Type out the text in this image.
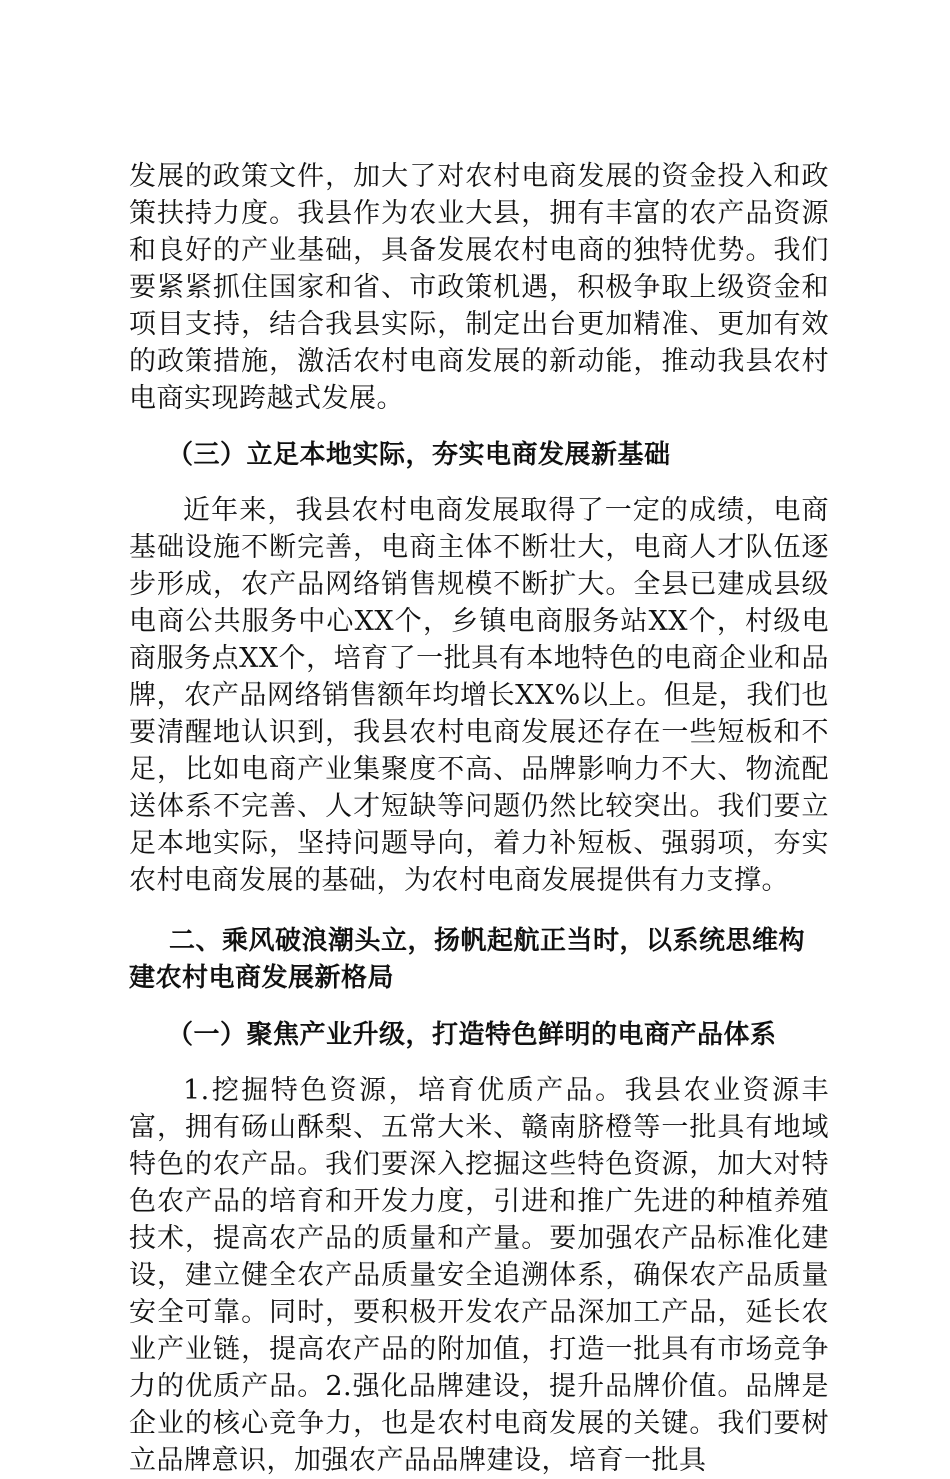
发展的政策文件，加大了对农村电商发展的资金投入和政策扶持力度。我县作为农业大县，拥有丰富的农产品资源和良好的产业基础，具备发展农村电商的独特优势。我们要紧紧抓住国家和省、市政策机遇，积极争取上级资金和项目支持，结合我县实际，制定出台更加精准、更加有效的政策措施，激活农村电商发展的新动能，推动我县农村电商实现跨越式发展。

（三）立足本地实际，夯实电商发展新基础

近年来，我县农村电商发展取得了一定的成绩，电商基础设施不断完善，电商主体不断壮大，电商人才队伍逐步形成，农产品网络销售规模不断扩大。全县已建成县级电商公共服务中心XX个，乡镇电商服务站XX个，村级电商服务点XX个，培育了一批具有本地特色的电商企业和品牌，农产品网络销售额年均增长XX%以上。但是，我们也要清醒地认识到，我县农村电商发展还存在一些短板和不足，比如电商产业集聚度不高、品牌影响力不大、物流配送体系不完善、人才短缺等问题仍然比较突出。我们要立足本地实际，坚持问题导向，着力补短板、强弱项，夯实农村电商发展的基础，为农村电商发展提供有力支撑。

二、乘风破浪潮头立，扬帆起航正当时，以系统思维构建农村电商发展新格局
（一）聚焦产业升级，打造特色鲜明的电商产品体系

1.挖掘特色资源，培育优质产品。我县农业资源丰富，拥有砀山酥梨、五常大米、赣南脐橙等一批具有地域特色的农产品。我们要深入挖掘这些特色资源，加大对特色农产品的培育和开发力度，引进和推广先进的种植养殖技术，提高农产品的质量和产量。要加强农产品标准化建设，建立健全农产品质量安全追溯体系，确保农产品质量安全可靠。同时，要积极开发农产品深加工产品，延长农业产业链，提高农产品的附加值，打造一批具有市场竞争力的优质产品。2.强化品牌建设，提升品牌价值。品牌是企业的核心竞争力，也是农村电商发展的关键。我们要树立品牌意识，加强农产品品牌建设，培育一批具
